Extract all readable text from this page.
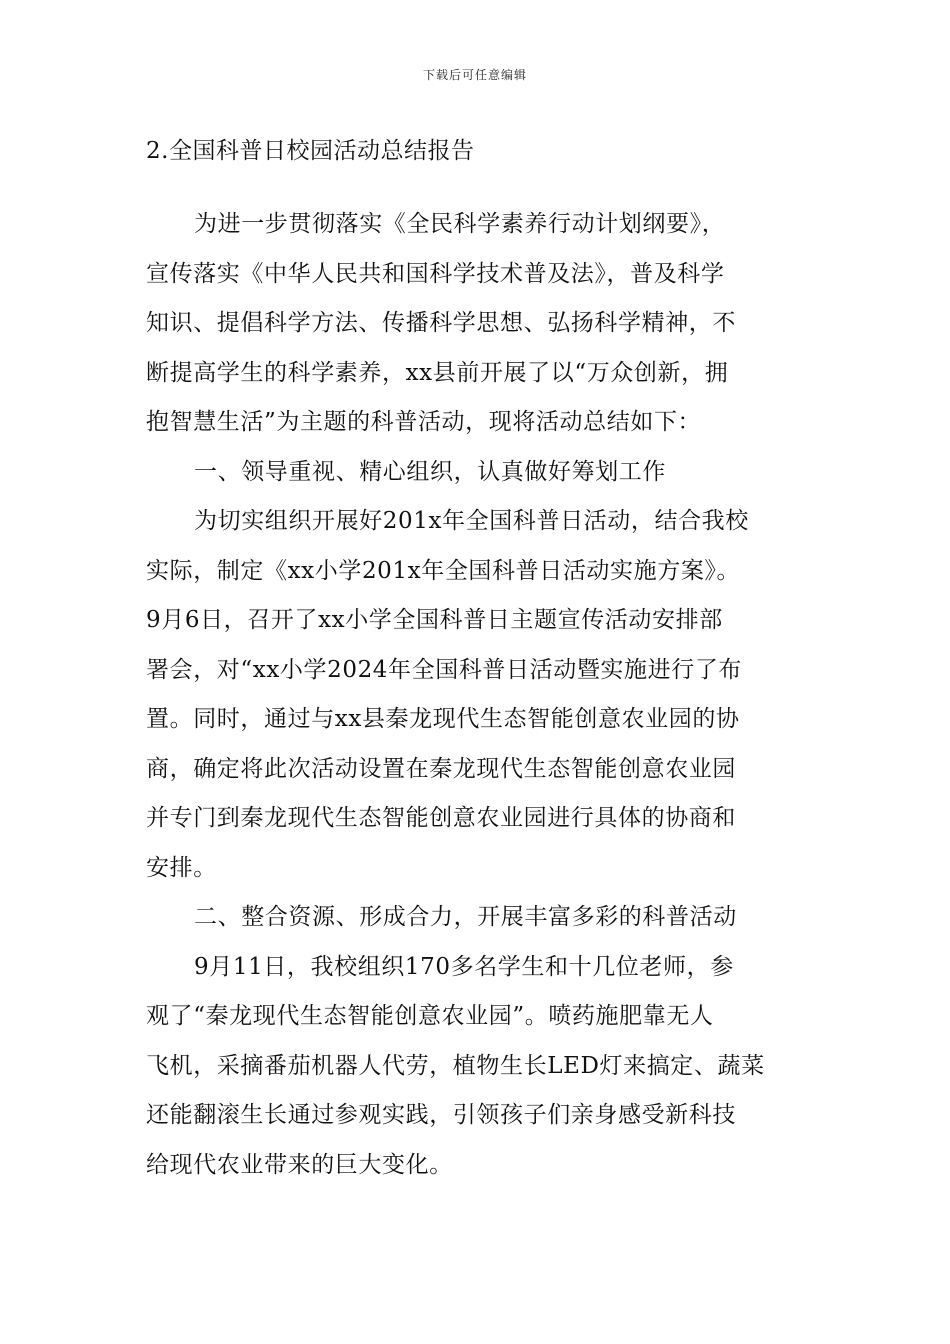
下载后可任意编辑
2.全国科普日校园活动总结报告
为进一步贯彻落实《全民科学素养行动计划纲要》，
宣传落实《中华人民共和国科学技术普及法》，普及科学
知识、提倡科学方法、传播科学思想、弘扬科学精神，不
断提高学生的科学素养，xx县前开展了以“万众创新，拥
抱智慧生活”为主题的科普活动，现将活动总结如下：
一、领导重视、精心组织，认真做好筹划工作
为切实组织开展好201x年全国科普日活动，结合我校
实际，制定《xx小学201x年全国科普日活动实施方案》。
9月6日，召开了xx小学全国科普日主题宣传活动安排部
署会，对“xx小学2024年全国科普日活动暨实施进行了布
置。同时，通过与xx县秦龙现代生态智能创意农业园的协
商，确定将此次活动设置在秦龙现代生态智能创意农业园
并专门到秦龙现代生态智能创意农业园进行具体的协商和
安排。
二、整合资源、形成合力，开展丰富多彩的科普活动
9月11日，我校组织170多名学生和十几位老师，参
观了“秦龙现代生态智能创意农业园”。喷药施肥靠无人
飞机，采摘番茄机器人代劳，植物生长LED灯来搞定、蔬菜
还能翻滚生长通过参观实践，引领孩子们亲身感受新科技
给现代农业带来的巨大变化。
